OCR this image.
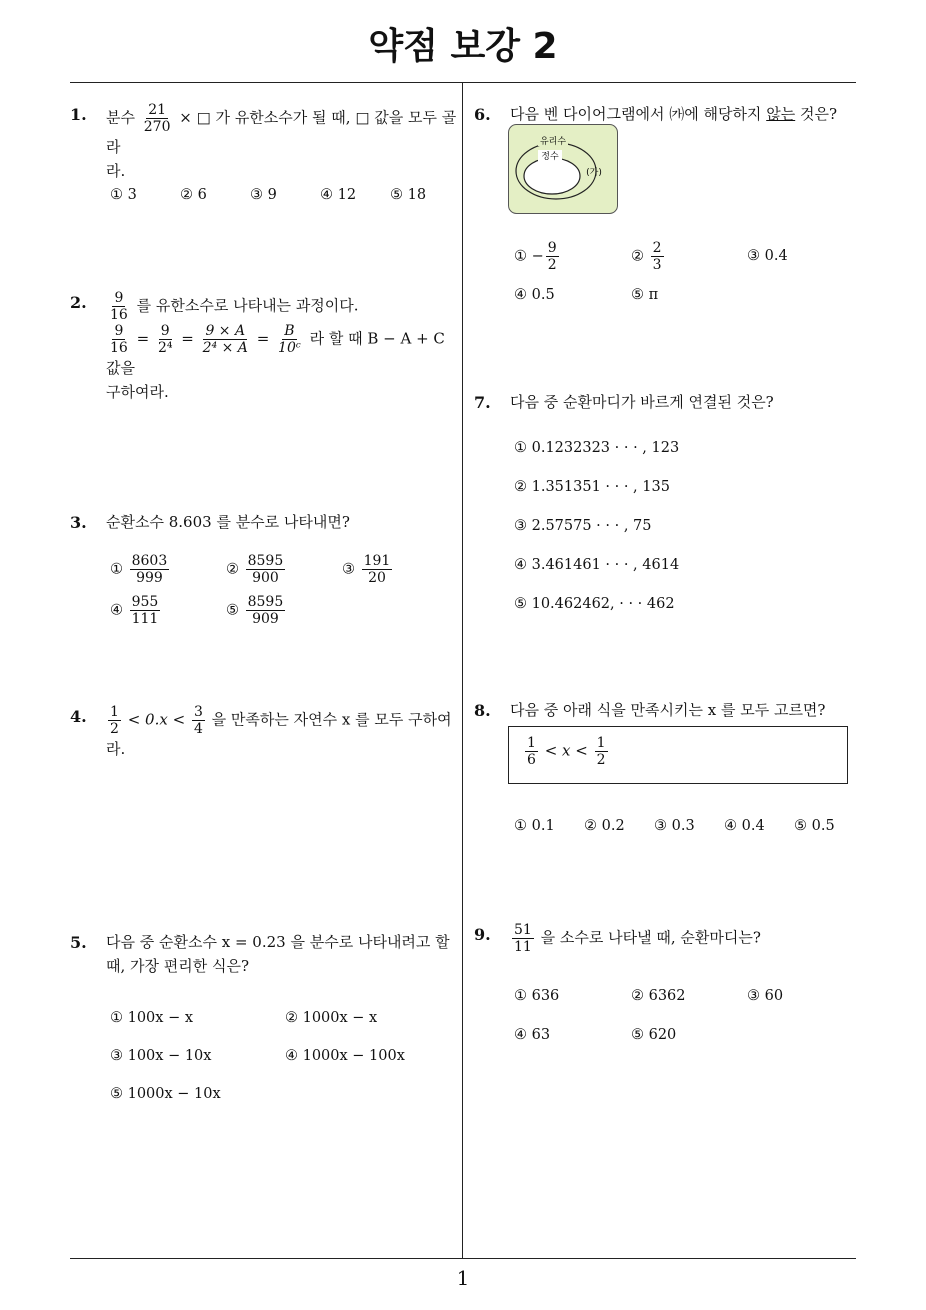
약점 보강 2
1
1. 분수 $\frac{21}{270}$ × □ 가 유한소수가 될 때, □ 값을 모두 골라
라.
① 3	② 6	③ 9	④ 12 ⑤ 18
2. $\frac{9}{16}$ 를 유한소수로 나타내는 과정이다.

$\frac{9}{16} = \frac{9}{\text{2⁴}} = \frac{9 \times A}{\text{2⁴ × A}} = \frac{B}{\text{10ᶜ}}$ 라 할 때 B − A + C 값을
구하여라.
3. 순환소수 8.603 를 분수로 나타내면?
① $\frac{8603}{999}$	② $\frac{8595}{900}$	③ $\frac{191}{20}$
④ $\frac{955}{111}$	⑤ $\frac{8595}{909}$
4. $\frac{1}{2} < 0.x < \frac{3}{4}$ 을 만족하는 자연수 x 를 모두 구하여라.
5. 다음 중 순환소수 x = 0.23 을 분수로 나타내려고 할
때, 가장 편리한 식은?
① 100x − x	② 1000x − x
③ 100x − 10x	④ 1000x − 100x
⑤ 1000x − 10x
6. 다음 벤 다이어그램에서 ㈎에 해당하지 않는 것은?
유리수
정수
(가)
① − $\frac{9}{2}$	② $\frac{2}{3}$	③ 0.4
④ 0.5	⑤ π
7. 다음 중 순환마디가 바르게 연결된 것은?
① 0.1232323 · · · , 123
② 1.351351 · · · , 135
③ 2.57575 · · · , 75
④ 3.461461 · · · , 4614
⑤ 10.462462, · · · 462
8. 다음 중 아래 식을 만족시키는 x 를 모두 고르면?
$\frac{1}{6} < x < \frac{1}{2}$
① 0.1 ② 0.2 ③ 0.3 ④ 0.4 ⑤ 0.5
9. $\frac{51}{11}$ 을 소수로 나타낼 때, 순환마디는?
① 636	② 6362	③ 60
④ 63	⑤ 620
